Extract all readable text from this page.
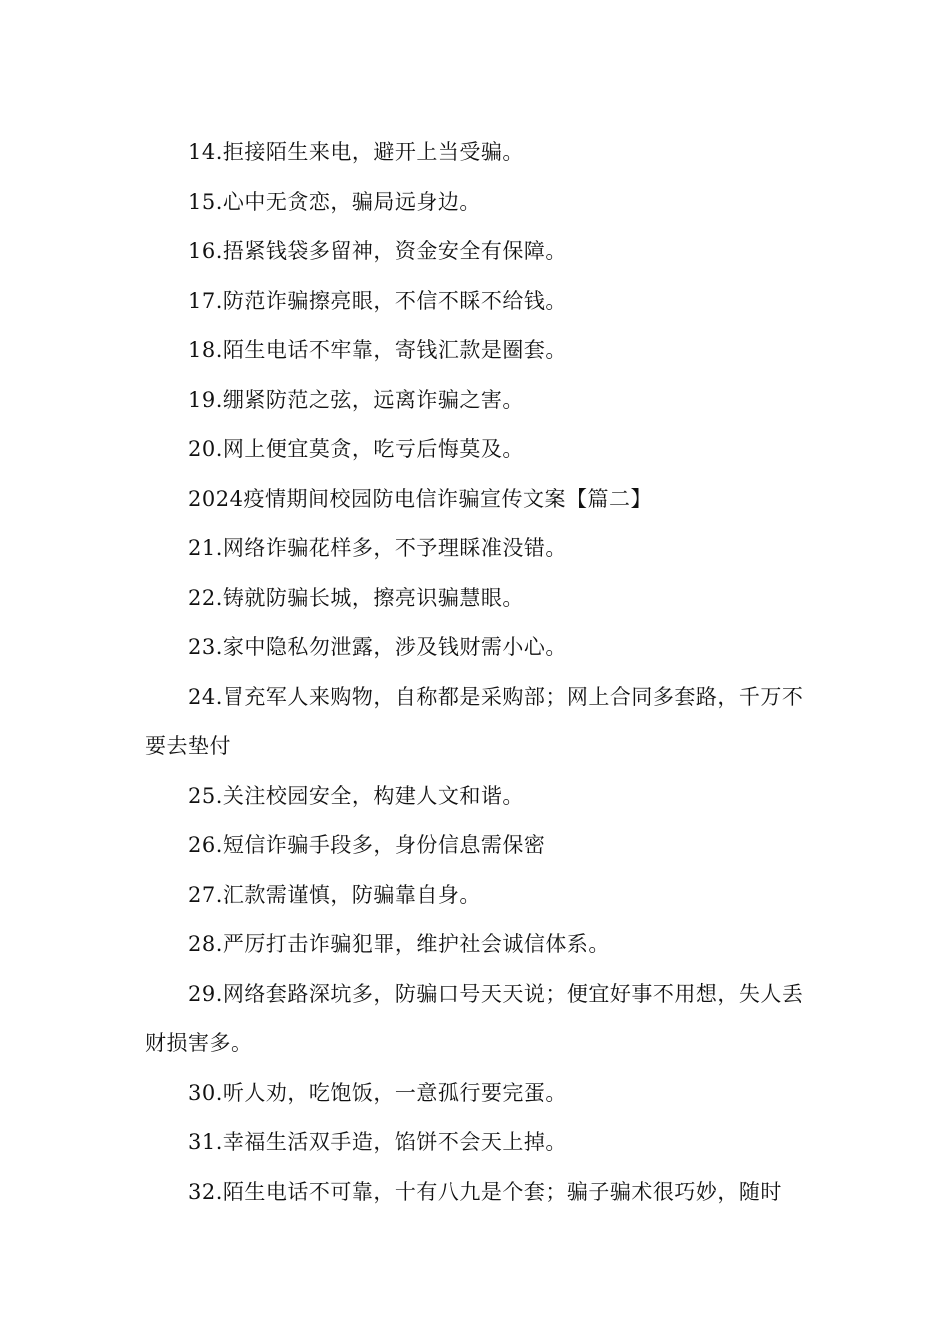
14.拒接陌生来电，避开上当受骗。

15.心中无贪恋，骗局远身边。

16.捂紧钱袋多留神，资金安全有保障。

17.防范诈骗擦亮眼，不信不睬不给钱。

18.陌生电话不牢靠，寄钱汇款是圈套。

19.绷紧防范之弦，远离诈骗之害。

20.网上便宜莫贪，吃亏后悔莫及。

2024疫情期间校园防电信诈骗宣传文案【篇二】

21.网络诈骗花样多，不予理睬准没错。

22.铸就防骗长城，擦亮识骗慧眼。

23.家中隐私勿泄露，涉及钱财需小心。

24.冒充军人来购物，自称都是采购部；网上合同多套路，千万不要去垫付

25.关注校园安全，构建人文和谐。

26.短信诈骗手段多，身份信息需保密

27.汇款需谨慎，防骗靠自身。

28.严厉打击诈骗犯罪，维护社会诚信体系。

29.网络套路深坑多，防骗口号天天说；便宜好事不用想，失人丢财损害多。

30.听人劝，吃饱饭，一意孤行要完蛋。

31.幸福生活双手造，馅饼不会天上掉。

32.陌生电话不可靠，十有八九是个套；骗子骗术很巧妙，随时
